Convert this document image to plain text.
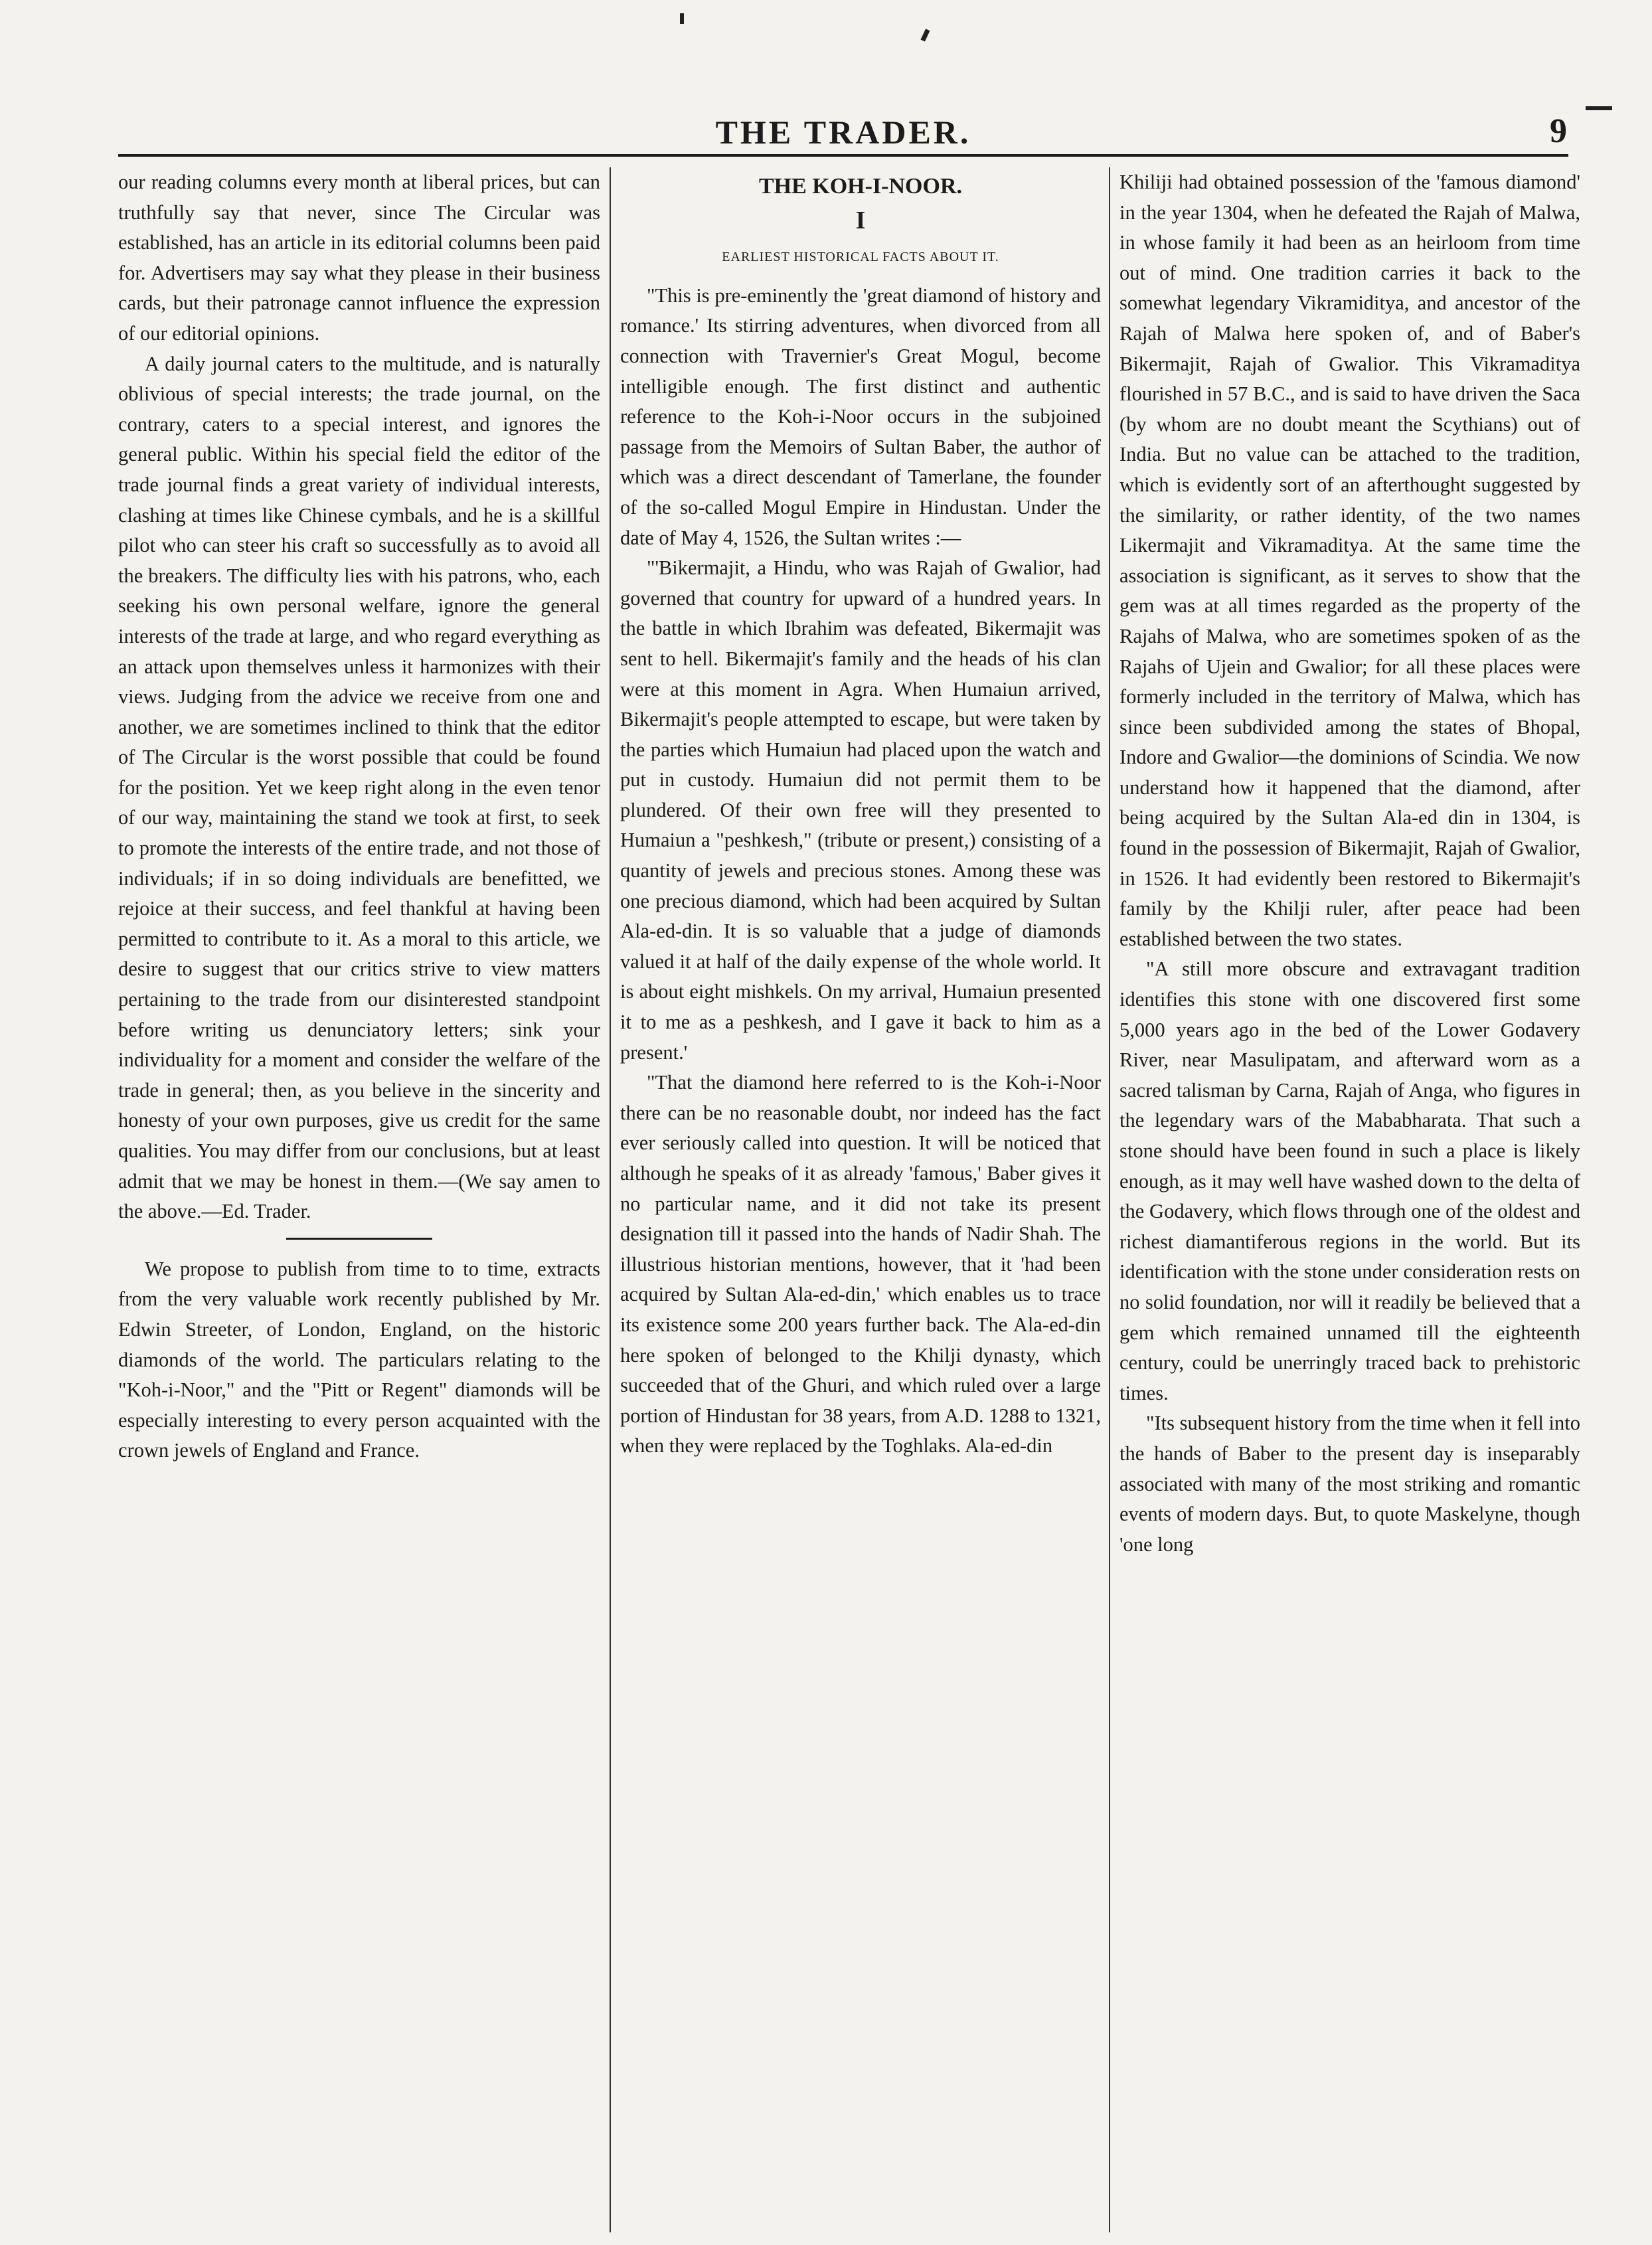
THE TRADER.	9

our reading columns every month at liberal prices, but can truthfully say that never, since The Circular was established, has an article in its editorial columns been paid for. Advertisers may say what they please in their business cards, but their patronage cannot influence the expression of our editorial opinions.

A daily journal caters to the multitude, and is naturally oblivious of special interests; the trade journal, on the contrary, caters to a special interest, and ignores the general public. Within his special field the editor of the trade journal finds a great variety of individual interests, clashing at times like Chinese cymbals, and he is a skillful pilot who can steer his craft so successfully as to avoid all the breakers. The difficulty lies with his patrons, who, each seeking his own personal welfare, ignore the general interests of the trade at large, and who regard everything as an attack upon themselves unless it harmonizes with their views. Judging from the advice we receive from one and another, we are sometimes inclined to think that the editor of The Circular is the worst possible that could be found for the position. Yet we keep right along in the even tenor of our way, maintaining the stand we took at first, to seek to promote the interests of the entire trade, and not those of individuals; if in so doing individuals are benefitted, we rejoice at their success, and feel thankful at having been permitted to contribute to it. As a moral to this article, we desire to suggest that our critics strive to view matters pertaining to the trade from our disinterested standpoint before writing us denunciatory letters; sink your individuality for a moment and consider the welfare of the trade in general; then, as you believe in the sincerity and honesty of your own purposes, give us credit for the same qualities. You may differ from our conclusions, but at least admit that we may be honest in them.—(We say amen to the above.—Ed. Trader.

We propose to publish from time to to time, extracts from the very valuable work recently published by Mr. Edwin Streeter, of London, England, on the historic diamonds of the world. The particulars relating to the "Koh-i-Noor," and the "Pitt or Regent" diamonds will be especially interesting to every person acquainted with the crown jewels of England and France.

THE KOH-I-NOOR.
I
EARLIEST HISTORICAL FACTS ABOUT IT.

"This is pre-eminently the 'great diamond of history and romance.' Its stirring adventures, when divorced from all connection with Travernier's Great Mogul, become intelligible enough. The first distinct and authentic reference to the Koh-i-Noor occurs in the subjoined passage from the Memoirs of Sultan Baber, the author of which was a direct descendant of Tamerlane, the founder of the so-called Mogul Empire in Hindustan. Under the date of May 4, 1526, the Sultan writes :—

"'Bikermajit, a Hindu, who was Rajah of Gwalior, had governed that country for upward of a hundred years. In the battle in which Ibrahim was defeated, Bikermajit was sent to hell. Bikermajit's family and the heads of his clan were at this moment in Agra. When Humaiun arrived, Bikermajit's people attempted to escape, but were taken by the parties which Humaiun had placed upon the watch and put in custody. Humaiun did not permit them to be plundered. Of their own free will they presented to Humaiun a "peshkesh," (tribute or present,) consisting of a quantity of jewels and precious stones. Among these was one precious diamond, which had been acquired by Sultan Ala-ed-din. It is so valuable that a judge of diamonds valued it at half of the daily expense of the whole world. It is about eight mishkels. On my arrival, Humaiun presented it to me as a peshkesh, and I gave it back to him as a present.'

"That the diamond here referred to is the Koh-i-Noor there can be no reasonable doubt, nor indeed has the fact ever seriously called into question. It will be noticed that although he speaks of it as already 'famous,' Baber gives it no particular name, and it did not take its present designation till it passed into the hands of Nadir Shah. The illustrious historian mentions, however, that it 'had been acquired by Sultan Ala-ed-din,' which enables us to trace its existence some 200 years further back. The Ala-ed-din here spoken of belonged to the Khilji dynasty, which succeeded that of the Ghuri, and which ruled over a large portion of Hindustan for 38 years, from A.D. 1288 to 1321, when they were replaced by the Toghlaks. Ala-ed-din

Khiliji had obtained possession of the 'famous diamond' in the year 1304, when he defeated the Rajah of Malwa, in whose family it had been as an heirloom from time out of mind. One tradition carries it back to the somewhat legendary Vikramiditya, and ancestor of the Rajah of Malwa here spoken of, and of Baber's Bikermajit, Rajah of Gwalior. This Vikramaditya flourished in 57 B.C., and is said to have driven the Saca (by whom are no doubt meant the Scythians) out of India. But no value can be attached to the tradition, which is evidently sort of an afterthought suggested by the similarity, or rather identity, of the two names Likermajit and Vikramaditya. At the same time the association is significant, as it serves to show that the gem was at all times regarded as the property of the Rajahs of Malwa, who are sometimes spoken of as the Rajahs of Ujein and Gwalior; for all these places were formerly included in the territory of Malwa, which has since been subdivided among the states of Bhopal, Indore and Gwalior—the dominions of Scindia. We now understand how it happened that the diamond, after being acquired by the Sultan Ala-ed din in 1304, is found in the possession of Bikermajit, Rajah of Gwalior, in 1526. It had evidently been restored to Bikermajit's family by the Khilji ruler, after peace had been established between the two states.

"A still more obscure and extravagant tradition identifies this stone with one discovered first some 5,000 years ago in the bed of the Lower Godavery River, near Masulipatam, and afterward worn as a sacred talisman by Carna, Rajah of Anga, who figures in the legendary wars of the Mababharata. That such a stone should have been found in such a place is likely enough, as it may well have washed down to the delta of the Godavery, which flows through one of the oldest and richest diamantiferous regions in the world. But its identification with the stone under consideration rests on no solid foundation, nor will it readily be believed that a gem which remained unnamed till the eighteenth century, could be unerringly traced back to prehistoric times.

"Its subsequent history from the time when it fell into the hands of Baber to the present day is inseparably associated with many of the most striking and romantic events of modern days. But, to quote Maskelyne, though 'one long
